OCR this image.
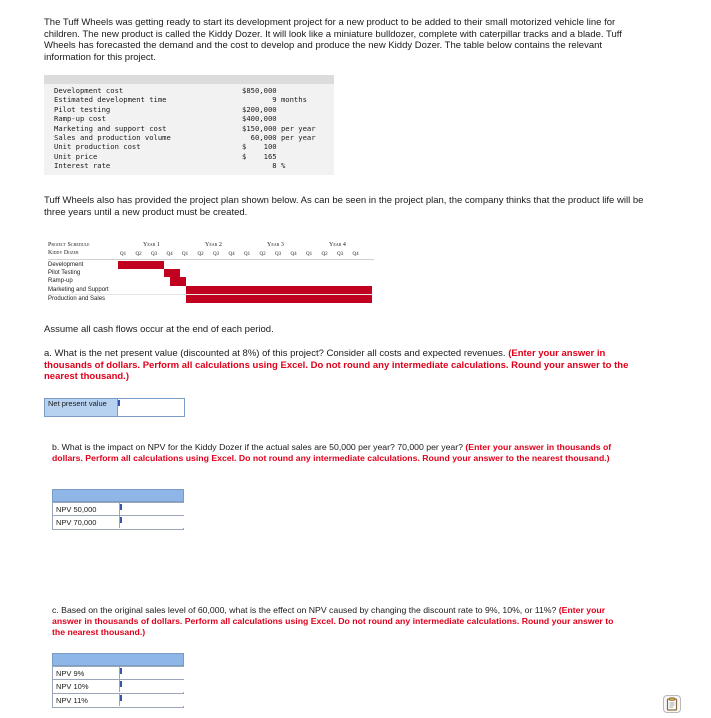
The Tuff Wheels was getting ready to start its development project for a new product to be added to their small motorized vehicle line for children. The new product is called the Kiddy Dozer. It will look like a miniature bulldozer, complete with caterpillar tracks and a blade. Tuff Wheels has forecasted the demand and the cost to develop and produce the new Kiddy Dozer. The table below contains the relevant information for this project.

Development cost	$850,000
Estimated development time	9 months
Pilot testing	$200,000
Ramp-up cost	$400,000
Marketing and support cost	$150,000 per year
Sales and production volume	60,000 per year
Unit production cost	$    100
Unit price	$    165
Interest rate	8 %

Tuff Wheels also has provided the project plan shown below. As can be seen in the project plan, the company thinks that the product life will be three years until a new product must be created.

Project Schedule
Kiddy Dozer
Year 1	Year 2	Year 3	Year 4
Q1 Q2 Q3 Q4 Q1 Q2 Q3 Q4 Q1 Q2 Q3 Q4 Q1 Q2 Q3 Q4
Development
Pilot Testing
Ramp-up
Marketing and Support
Production and Sales

Assume all cash flows occur at the end of each period.

a. What is the net present value (discounted at 8%) of this project? Consider all costs and expected revenues. (Enter your answer in thousands of dollars. Perform all calculations using Excel. Do not round any intermediate calculations. Round your answer to the nearest thousand.)

Net present value

b. What is the impact on NPV for the Kiddy Dozer if the actual sales are 50,000 per year? 70,000 per year? (Enter your answer in thousands of dollars. Perform all calculations using Excel. Do not round any intermediate calculations. Round your answer to the nearest thousand.)

NPV 50,000
NPV 70,000

c. Based on the original sales level of 60,000, what is the effect on NPV caused by changing the discount rate to 9%, 10%, or 11%? (Enter your answer in thousands of dollars. Perform all calculations using Excel. Do not round any intermediate calculations. Round your answer to the nearest thousand.)

NPV 9%
NPV 10%
NPV 11%
